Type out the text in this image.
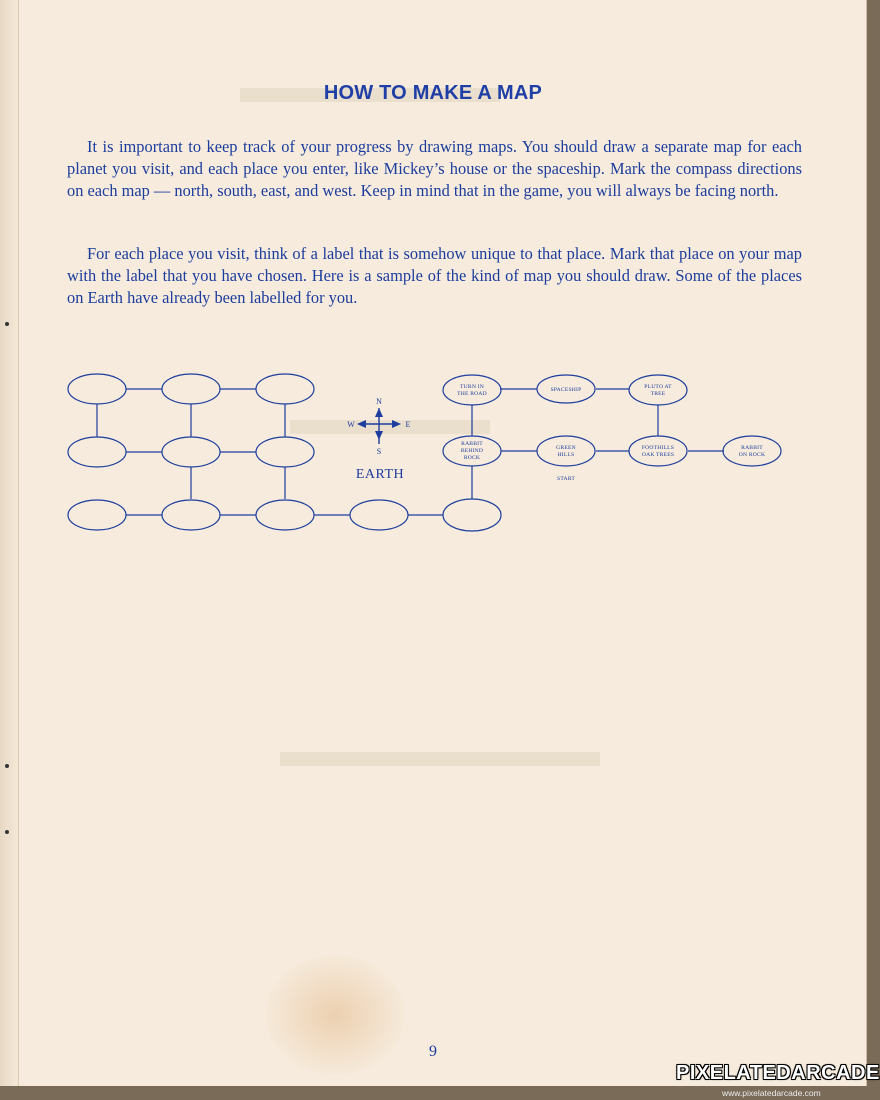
HOW TO MAKE A MAP

It is important to keep track of your progress by drawing maps. You should draw a separate map for each planet you visit, and each place you enter, like Mickey’s house or the spaceship. Mark the compass directions on each map — north, south, east, and west. Keep in mind that in the game, you will always be facing north.

For each place you visit, think of a label that is somehow unique to that place. Mark that place on your map with the label that you have chosen. Here is a sample of the kind of map you should draw. Some of the places on Earth have already been labelled for you.

N
S
E
W
EARTH
TURN IN
THE ROAD
SPACESHIP	PLUTO AT
TREE
RABBIT
BEHIND
ROCK
GREEN
HILLS
FOOTHILLS
OAK TREES
RABBIT
ON ROCK
START
9
PIXELATEDARCADE
www.pixelatedarcade.com
